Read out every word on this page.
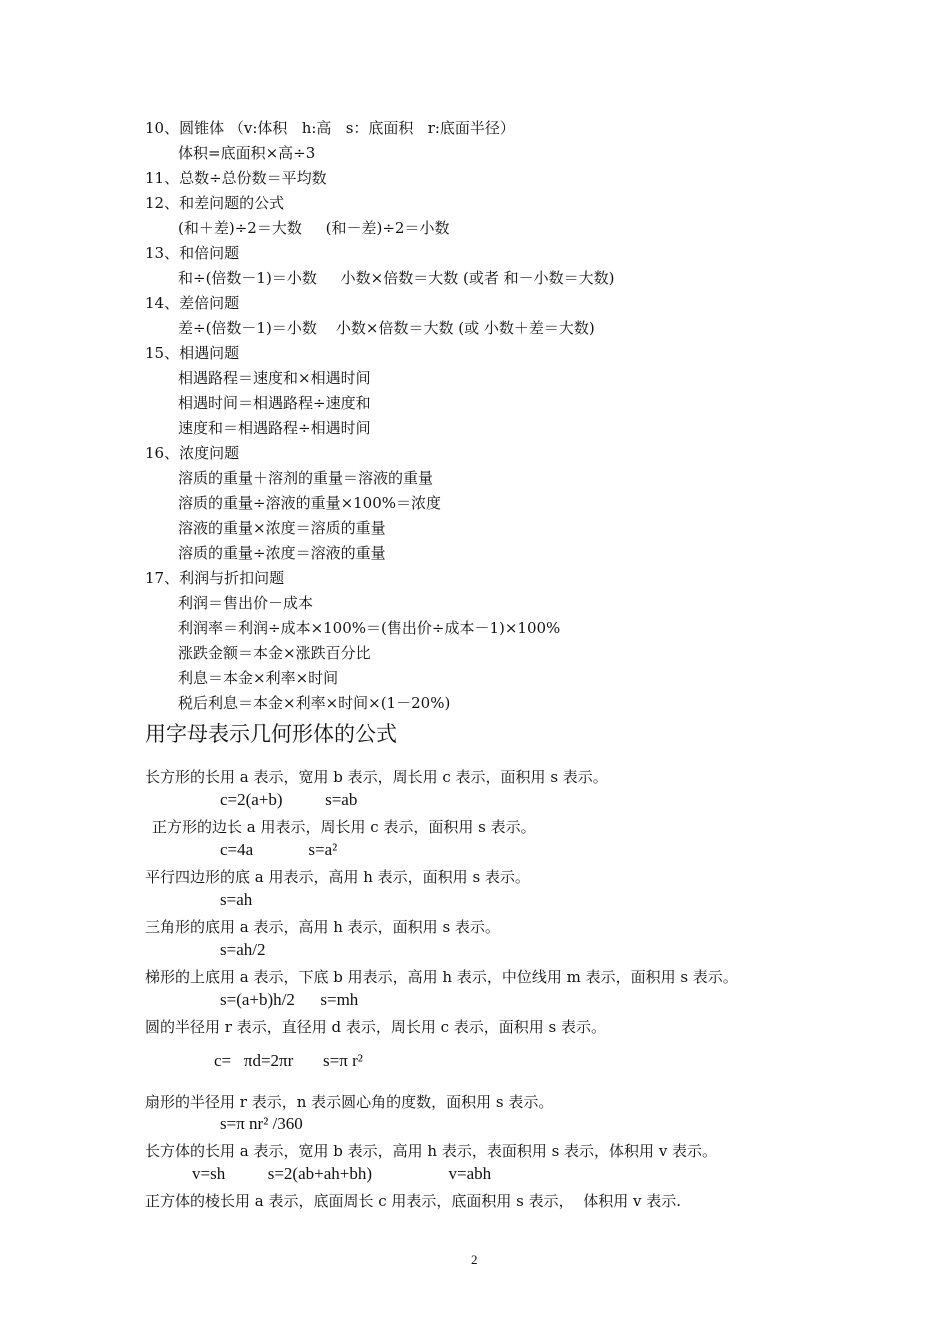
10、圆锥体 （v:体积   h:高   s：底面积   r:底面半径）
体积=底面积×高÷3
11、总数÷总份数＝平均数
12、和差问题的公式
(和＋差)÷2＝大数     (和－差)÷2＝小数
13、和倍问题
和÷(倍数－1)＝小数     小数×倍数＝大数 (或者 和－小数＝大数)
14、差倍问题
差÷(倍数－1)＝小数    小数×倍数＝大数 (或 小数＋差＝大数)
15、相遇问题
相遇路程＝速度和×相遇时间
相遇时间＝相遇路程÷速度和
速度和＝相遇路程÷相遇时间
16、浓度问题
溶质的重量＋溶剂的重量＝溶液的重量
溶质的重量÷溶液的重量×100%＝浓度
溶液的重量×浓度＝溶质的重量
溶质的重量÷浓度＝溶液的重量
17、利润与折扣问题
利润＝售出价－成本
利润率＝利润÷成本×100%＝(售出价÷成本－1)×100%
涨跌金额＝本金×涨跌百分比
利息＝本金×利率×时间
税后利息＝本金×利率×时间×(1－20%)
用字母表示几何形体的公式
长方形的长用 a 表示，宽用 b 表示，周长用 c 表示，面积用 s 表示。
c=2(a+b)          s=ab
正方形的边长 a 用表示，周长用 c 表示，面积用 s 表示。
c=4a             s=a²
平行四边形的底 a 用表示，高用 h 表示，面积用 s 表示。
s=ah
三角形的底用 a 表示，高用 h 表示，面积用 s 表示。
s=ah/2
梯形的上底用 a 表示，下底 b 用表示，高用 h 表示，中位线用 m 表示，面积用 s 表示。
s=(a+b)h/2      s=mh
圆的半径用 r 表示，直径用 d 表示，周长用 c 表示，面积用 s 表示。
c=   πd=2πr       s=π r²
扇形的半径用 r 表示，n 表示圆心角的度数，面积用 s 表示。
s=π nr² /360
长方体的长用 a 表示，宽用 b 表示，高用 h 表示，表面积用 s 表示，体积用 v 表示。
v=sh          s=2(ab+ah+bh)                  v=abh
正方体的棱长用 a 表示，底面周长 c 用表示，底面积用 s 表示，  体积用 v 表示.
2
